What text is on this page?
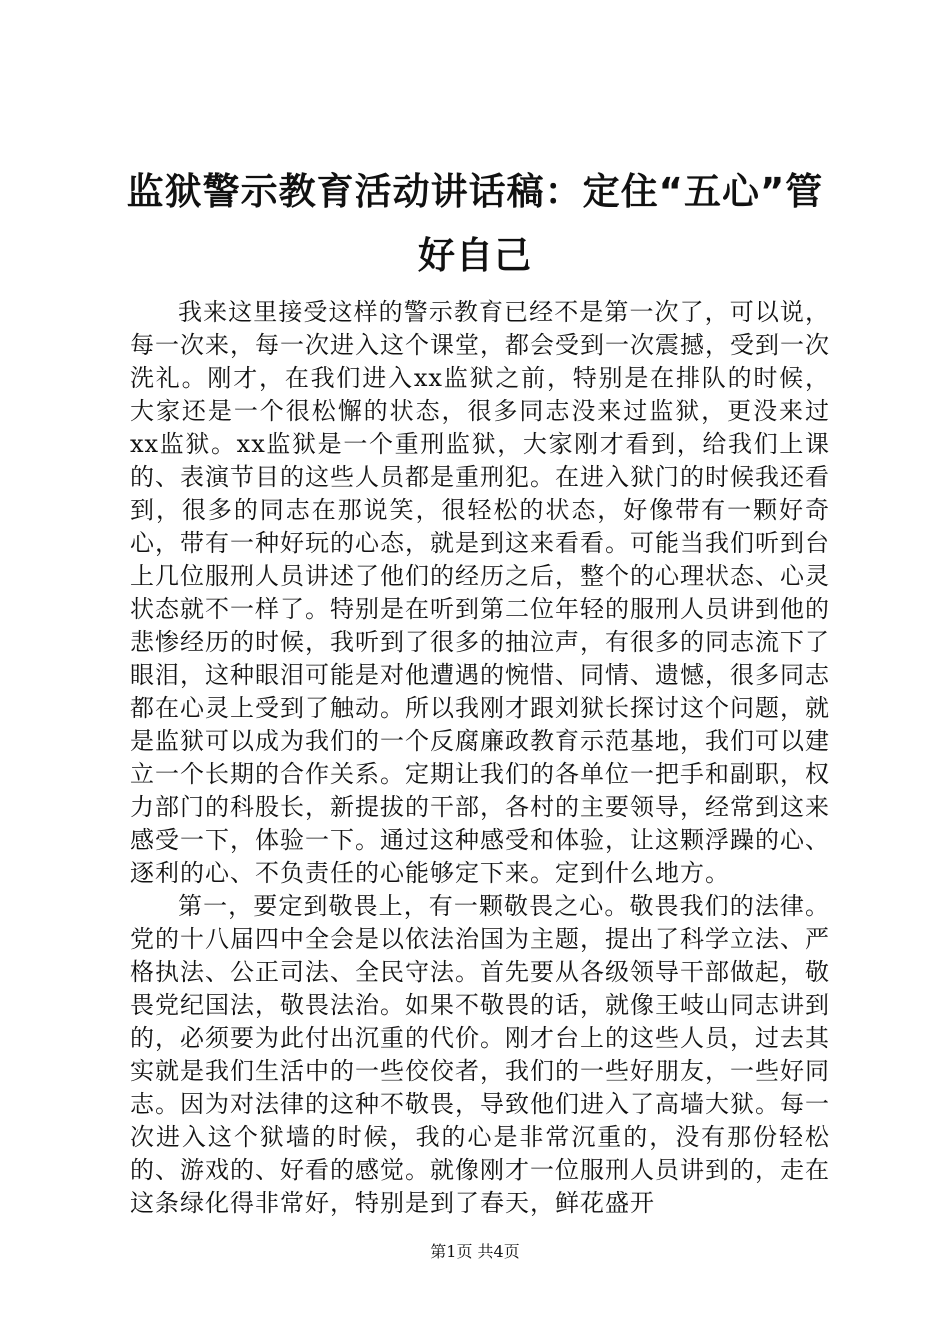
监狱警示教育活动讲话稿：定住“五心”管好自己

我来这里接受这样的警示教育已经不是第一次了，可以说，每一次来，每一次进入这个课堂，都会受到一次震撼，受到一次洗礼。刚才，在我们进入xx监狱之前，特别是在排队的时候，大家还是一个很松懈的状态，很多同志没来过监狱，更没来过xx监狱。xx监狱是一个重刑监狱，大家刚才看到，给我们上课的、表演节目的这些人员都是重刑犯。在进入狱门的时候我还看到，很多的同志在那说笑，很轻松的状态，好像带有一颗好奇心，带有一种好玩的心态，就是到这来看看。可能当我们听到台上几位服刑人员讲述了他们的经历之后，整个的心理状态、心灵状态就不一样了。特别是在听到第二位年轻的服刑人员讲到他的悲惨经历的时候，我听到了很多的抽泣声，有很多的同志流下了眼泪，这种眼泪可能是对他遭遇的惋惜、同情、遗憾，很多同志都在心灵上受到了触动。所以我刚才跟刘狱长探讨这个问题，就是监狱可以成为我们的一个反腐廉政教育示范基地，我们可以建立一个长期的合作关系。定期让我们的各单位一把手和副职，权力部门的科股长，新提拔的干部，各村的主要领导，经常到这来感受一下，体验一下。通过这种感受和体验，让这颗浮躁的心、逐利的心、不负责任的心能够定下来。定到什么地方。

第一，要定到敬畏上，有一颗敬畏之心。敬畏我们的法律。党的十八届四中全会是以依法治国为主题，提出了科学立法、严格执法、公正司法、全民守法。首先要从各级领导干部做起，敬畏党纪国法，敬畏法治。如果不敬畏的话，就像王岐山同志讲到的，必须要为此付出沉重的代价。刚才台上的这些人员，过去其实就是我们生活中的一些佼佼者，我们的一些好朋友，一些好同志。因为对法律的这种不敬畏，导致他们进入了高墙大狱。每一次进入这个狱墙的时候，我的心是非常沉重的，没有那份轻松的、游戏的、好看的感觉。就像刚才一位服刑人员讲到的，走在这条绿化得非常好，特别是到了春天，鲜花盛开

第1页 共4页
